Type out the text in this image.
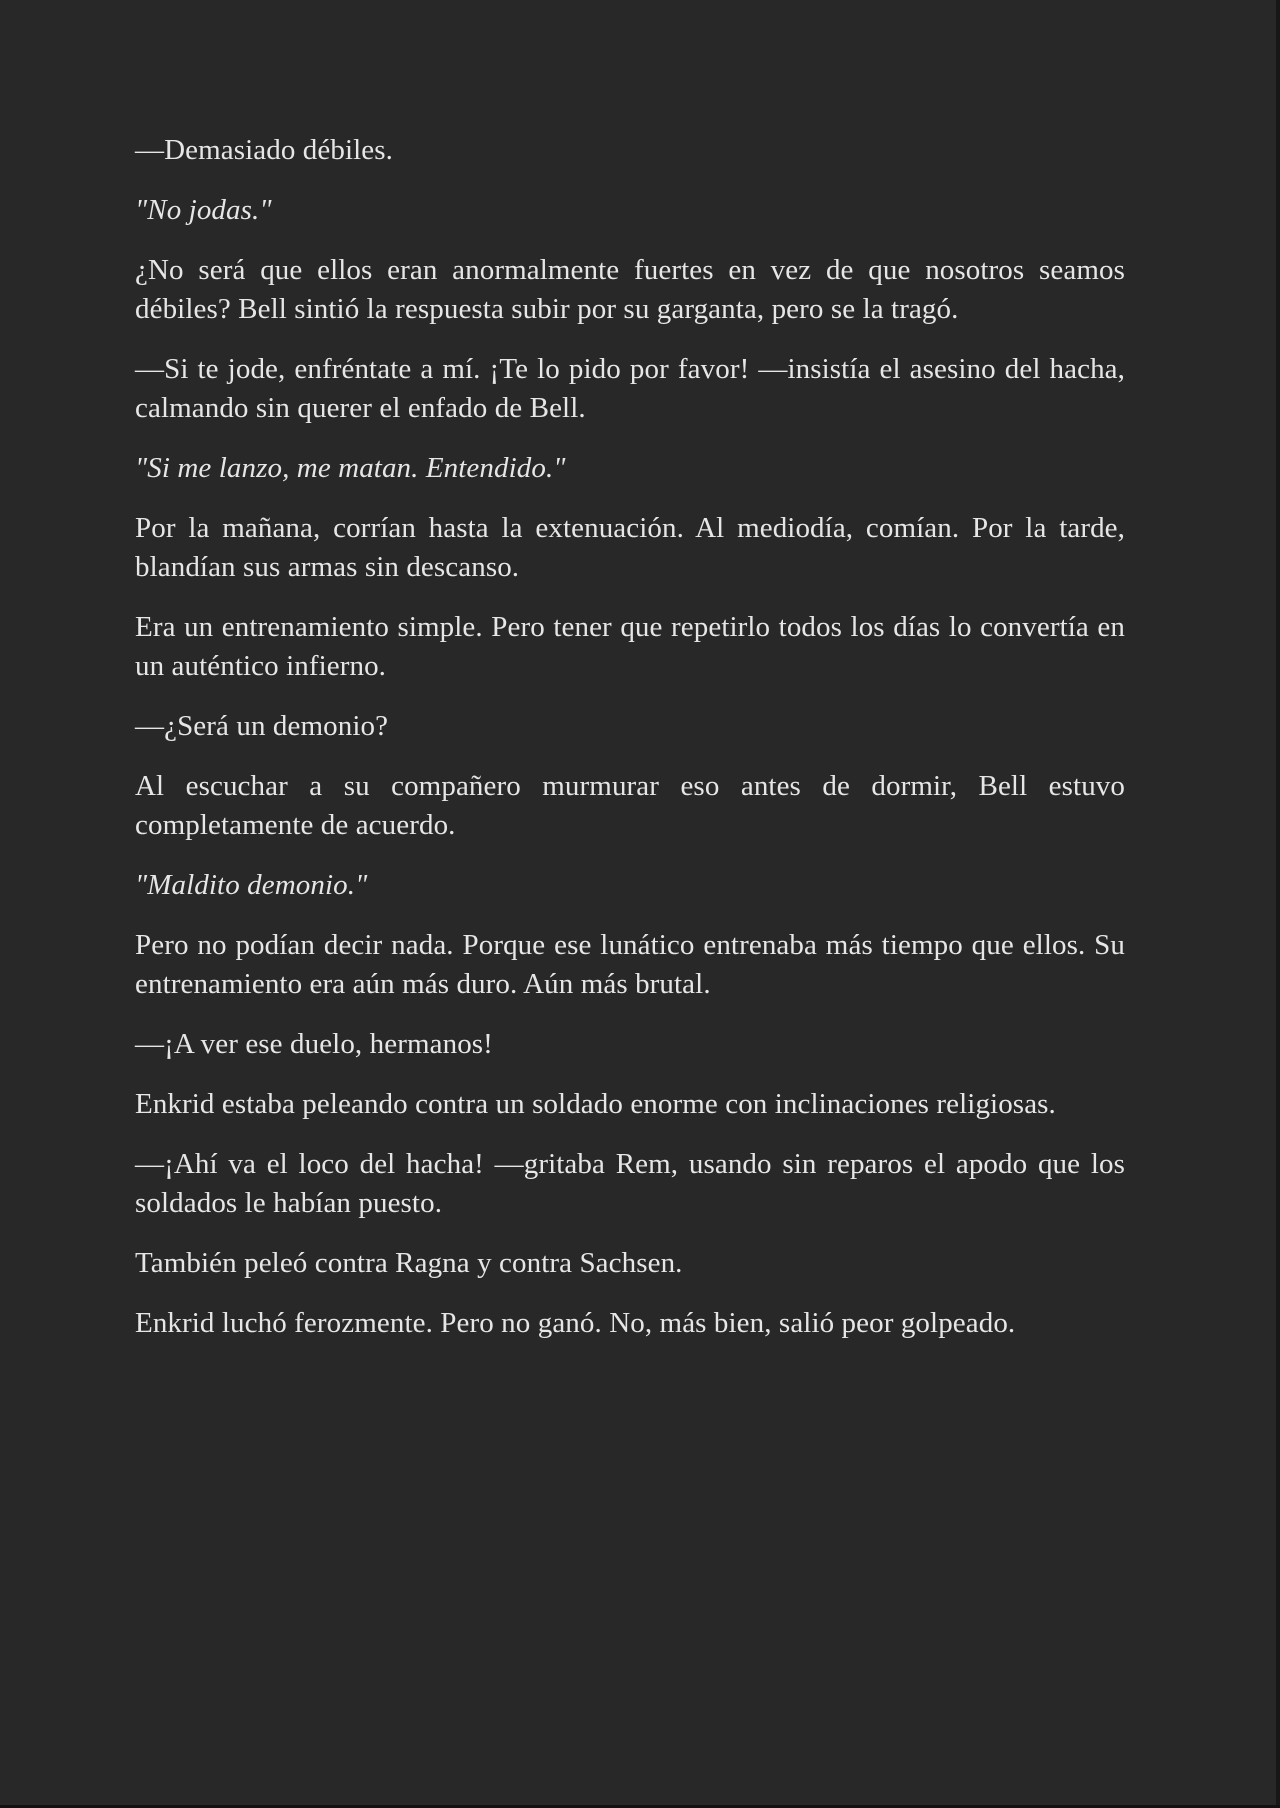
—Demasiado débiles.

"No jodas."

¿No será que ellos eran anormalmente fuertes en vez de que nosotros seamos débiles? Bell sintió la respuesta subir por su garganta, pero se la tragó.

—Si te jode, enfréntate a mí. ¡Te lo pido por favor! —insistía el asesino del hacha, calmando sin querer el enfado de Bell.

"Si me lanzo, me matan. Entendido."

Por la mañana, corrían hasta la extenuación. Al mediodía, comían. Por la tarde, blandían sus armas sin descanso.

Era un entrenamiento simple. Pero tener que repetirlo todos los días lo convertía en un auténtico infierno.

—¿Será un demonio?

Al escuchar a su compañero murmurar eso antes de dormir, Bell estuvo completamente de acuerdo.

"Maldito demonio."

Pero no podían decir nada. Porque ese lunático entrenaba más tiempo que ellos. Su entrenamiento era aún más duro. Aún más brutal.

—¡A ver ese duelo, hermanos!

Enkrid estaba peleando contra un soldado enorme con inclinaciones religiosas.

—¡Ahí va el loco del hacha! —gritaba Rem, usando sin reparos el apodo que los soldados le habían puesto.

También peleó contra Ragna y contra Sachsen.

Enkrid luchó ferozmente. Pero no ganó. No, más bien, salió peor golpeado.
